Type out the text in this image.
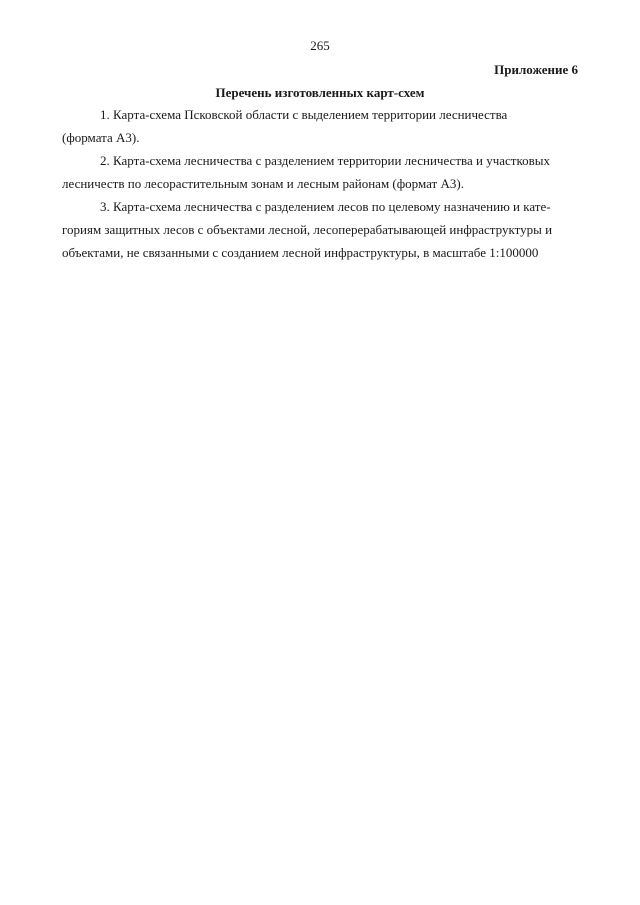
265
Приложение 6
Перечень изготовленных карт-схем

1. Карта-схема Псковской области с выделением территории лесничества
(формата А3).

2. Карта-схема лесничества с разделением территории лесничества и участковых
лесничеств по лесорастительным зонам и лесным районам (формат А3).

3. Карта-схема лесничества с разделением лесов по целевому назначению и кате-
гориям защитных лесов с объектами лесной, лесоперерабатывающей инфраструктуры и
объектами, не связанными с созданием лесной инфраструктуры, в масштабе 1:100000
